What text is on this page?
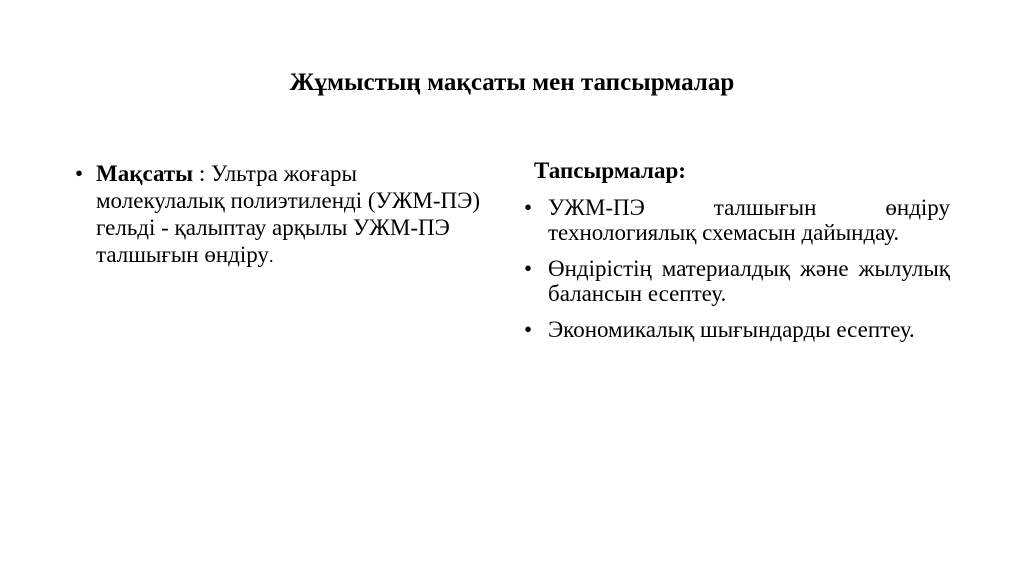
Жұмыстың мақсаты мен тапсырмалар
• Мақсаты : Ультра жоғары молекулалық полиэтиленді (УЖМ-ПЭ) гельді - қалыптау арқылы УЖМ-ПЭ талшығын өндіру.
Тапсырмалар:
• УЖМ-ПЭ талшығын өндіру технологиялық схемасын дайындау.
• Өндірістің материалдық және жылулық балансын есептеу.
• Экономикалық шығындарды есептеу.
